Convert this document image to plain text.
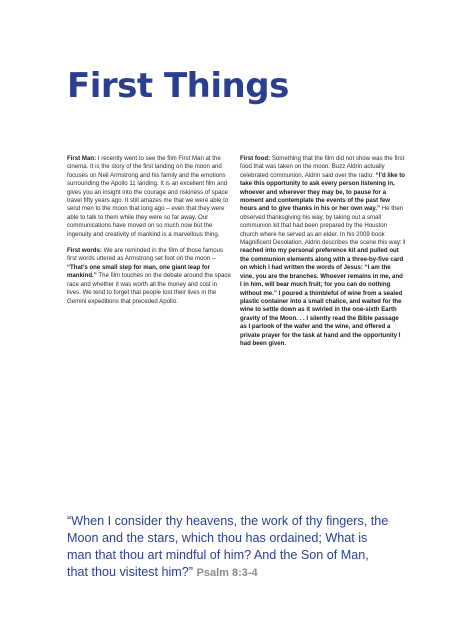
First Things

First Man: I recently went to see the film First Man at the cinema. It is the story of the first landing on the moon and focuses on Neil Armstrong and his family and the emotions surrounding the Apollo 11 landing. It is an excellent film and gives you an insight into the courage and riskiness of space travel fifty years ago. It still amazes me that we were able to send men to the moon that long ago – even that they were able to talk to them while they were so far away. Our communications have moved on so much now but the ingenuity and creativity of mankind is a marvellous thing.

First words: We are reminded in the film of those famous first words uttered as Armstrong set foot on the moon – “That’s one small step for man, one giant leap for mankind.” The film touches on the debate around the space race and whether it was worth all the money and cost in lives. We tend to forget that people lost their lives in the Gemini expeditions that preceded Apollo.

First food: Something that the film did not show was the first food that was taken on the moon. Buzz Aldrin actually celebrated communion. Aldrin said over the radio: “I’d like to take this opportunity to ask every person listening in, whoever and wherever they may be, to pause for a moment and contemplate the events of the past few hours and to give thanks in his or her own way.” He then observed thanksgiving his way, by taking out a small communion kit that had been prepared by the Houston church where he served as an elder. In his 2009 book Magnificent Desolation, Aldrin describes the scene this way: I reached into my personal preference kit and pulled out the communion elements along with a three-by-five card on which I had written the words of Jesus: “I am the vine, you are the branches. Whoever remains in me, and I in him, will bear much fruit; for you can do nothing without me.” I poured a thimbleful of wine from a sealed plastic container into a small chalice, and waited for the wine to settle down as it swirled in the one-sixth Earth gravity of the Moon. . . I silently read the Bible passage as I partook of the wafer and the wine, and offered a private prayer for the task at hand and the opportunity I had been given.

“When I consider thy heavens, the work of thy fingers, the Moon and the stars, which thou has ordained; What is man that thou art mindful of him? And the Son of Man, that thou visitest him?” Psalm 8:3-4
